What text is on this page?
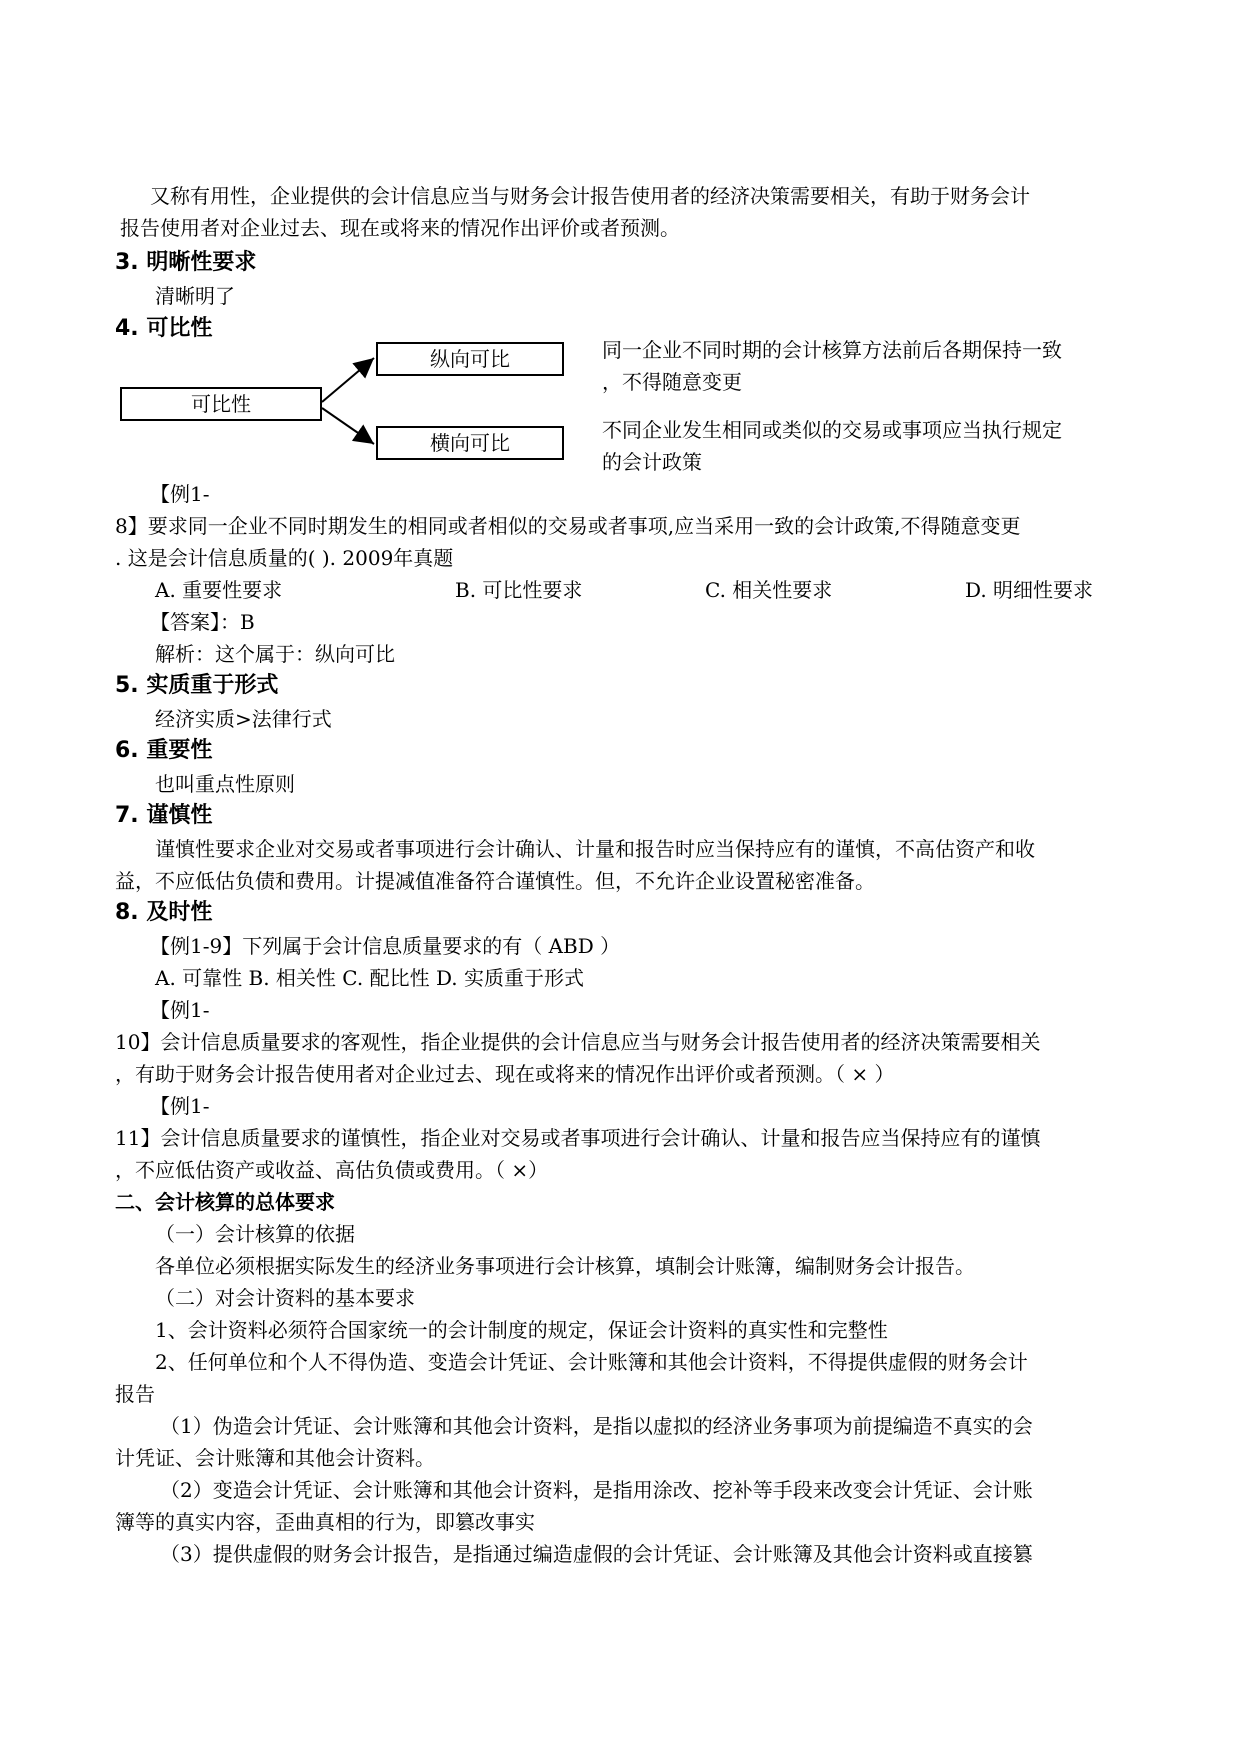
又称有用性，企业提供的会计信息应当与财务会计报告使用者的经济决策需要相关，有助于财务会计
报告使用者对企业过去、现在或将来的情况作出评价或者预测。
3. 明晰性要求
清晰明了
4. 可比性
可比性
纵向可比
横向可比
同一企业不同时期的会计核算方法前后各期保持一致
，不得随意变更
不同企业发生相同或类似的交易或事项应当执行规定
的会计政策
【例1-
8】要求同一企业不同时期发生的相同或者相似的交易或者事项,应当采用一致的会计政策,不得随意变更
. 这是会计信息质量的( ). 2009年真题
A. 重要性要求	B. 可比性要求	C. 相关性要求	D. 明细性要求
【答案】：B
解析：这个属于：纵向可比
5. 实质重于形式
经济实质>法律行式
6. 重要性
也叫重点性原则
7. 谨慎性
谨慎性要求企业对交易或者事项进行会计确认、计量和报告时应当保持应有的谨慎，不高估资产和收
益，不应低估负债和费用。计提减值准备符合谨慎性。但，不允许企业设置秘密准备。
8. 及时性
【例1-9】下列属于会计信息质量要求的有（ ABD ）
A. 可靠性 B. 相关性 C. 配比性 D. 实质重于形式
【例1-
10】会计信息质量要求的客观性，指企业提供的会计信息应当与财务会计报告使用者的经济决策需要相关
，有助于财务会计报告使用者对企业过去、现在或将来的情况作出评价或者预测。（ × ）
【例1-
11】会计信息质量要求的谨慎性，指企业对交易或者事项进行会计确认、计量和报告应当保持应有的谨慎
，不应低估资产或收益、高估负债或费用。（ ×）
二、会计核算的总体要求
（一）会计核算的依据
各单位必须根据实际发生的经济业务事项进行会计核算，填制会计账簿，编制财务会计报告。
（二）对会计资料的基本要求
1、会计资料必须符合国家统一的会计制度的规定，保证会计资料的真实性和完整性
2、任何单位和个人不得伪造、变造会计凭证、会计账簿和其他会计资料，不得提供虚假的财务会计
报告
（1）伪造会计凭证、会计账簿和其他会计资料，是指以虚拟的经济业务事项为前提编造不真实的会
计凭证、会计账簿和其他会计资料。
（2）变造会计凭证、会计账簿和其他会计资料，是指用涂改、挖补等手段来改变会计凭证、会计账
簿等的真实内容，歪曲真相的行为，即篡改事实
（3）提供虚假的财务会计报告，是指通过编造虚假的会计凭证、会计账簿及其他会计资料或直接篡
